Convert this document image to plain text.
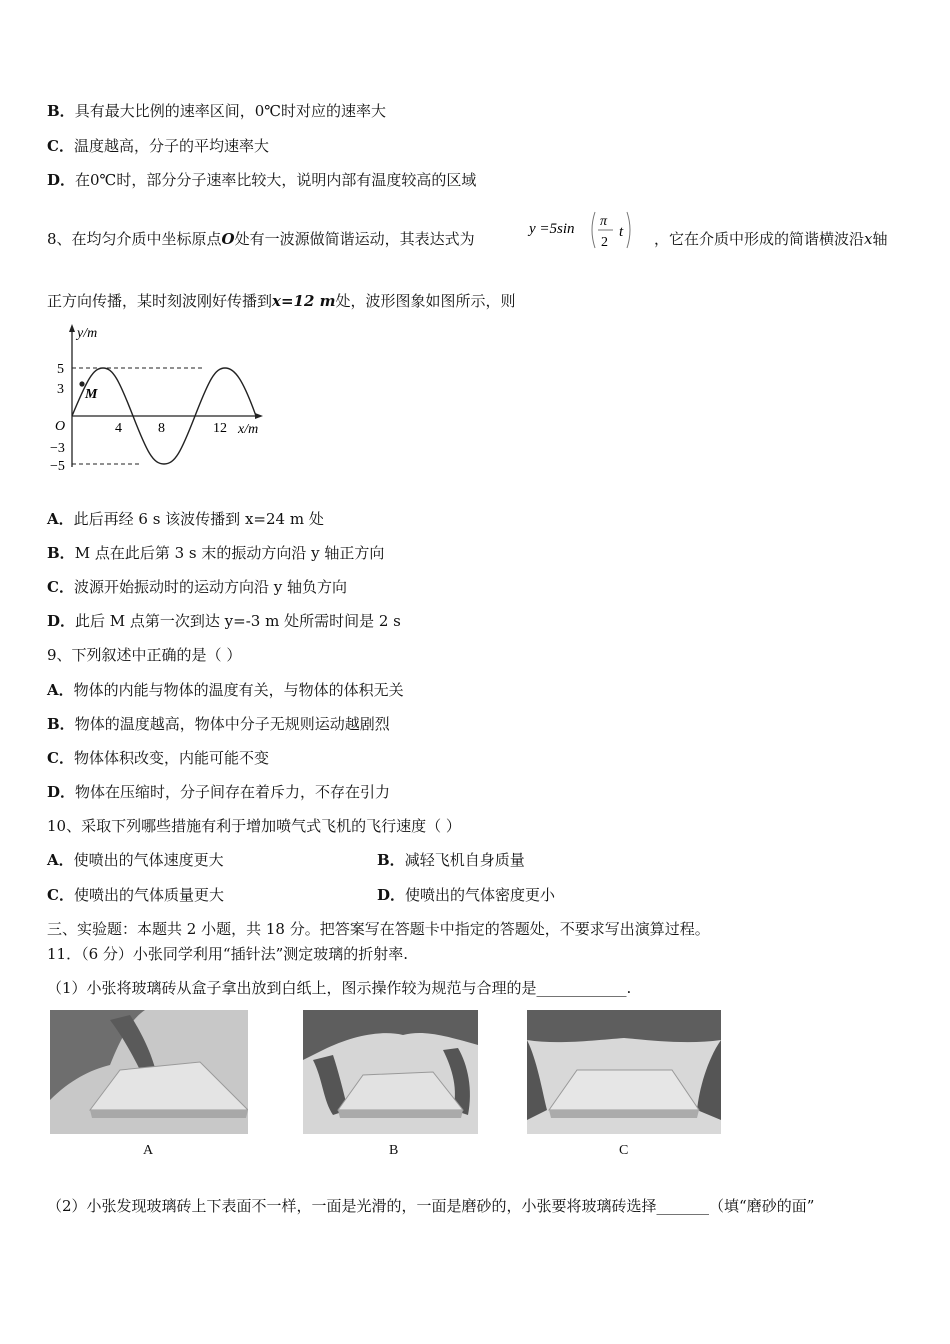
B．具有最大比例的速率区间，0℃时对应的速率大
C．温度越高，分子的平均速率大
D．在0℃时，部分分子速率比较大，说明内部有温度较高的区域
8、在均匀介质中坐标原点O处有一波源做简谐运动，其表达式为
y =5sin π
2
t ，它在介质中形成的简谐横波沿x轴
正方向传播，某时刻波刚好传播到x=12 m处，波形图象如图所示，则
y/m
x/m
O
5
3
−3
−5
4	8	12
M
A．此后再经 6 s 该波传播到 x=24 m 处
B．M 点在此后第 3 s 末的振动方向沿 y 轴正方向
C．波源开始振动时的运动方向沿 y 轴负方向
D．此后 M 点第一次到达 y=-3 m 处所需时间是 2 s
9、下列叙述中正确的是（ ）
A．物体的内能与物体的温度有关，与物体的体积无关
B．物体的温度越高，物体中分子无规则运动越剧烈
C．物体体积改变，内能可能不变
D．物体在压缩时，分子间存在着斥力，不存在引力
10、采取下列哪些措施有利于增加喷气式飞机的飞行速度（ ）
A．使喷出的气体速度更大	B．减轻飞机自身质量
C．使喷出的气体质量更大	D．使喷出的气体密度更小
三、实验题：本题共 2 小题，共 18 分。把答案写在答题卡中指定的答题处，不要求写出演算过程。
11．（6 分）小张同学利用“插针法”测定玻璃的折射率.
（1）小张将玻璃砖从盒子拿出放到白纸上，图示操作较为规范与合理的是____________.
A	B	C
（2）小张发现玻璃砖上下表面不一样，一面是光滑的，一面是磨砂的，小张要将玻璃砖选择_______（填“磨砂的面”
